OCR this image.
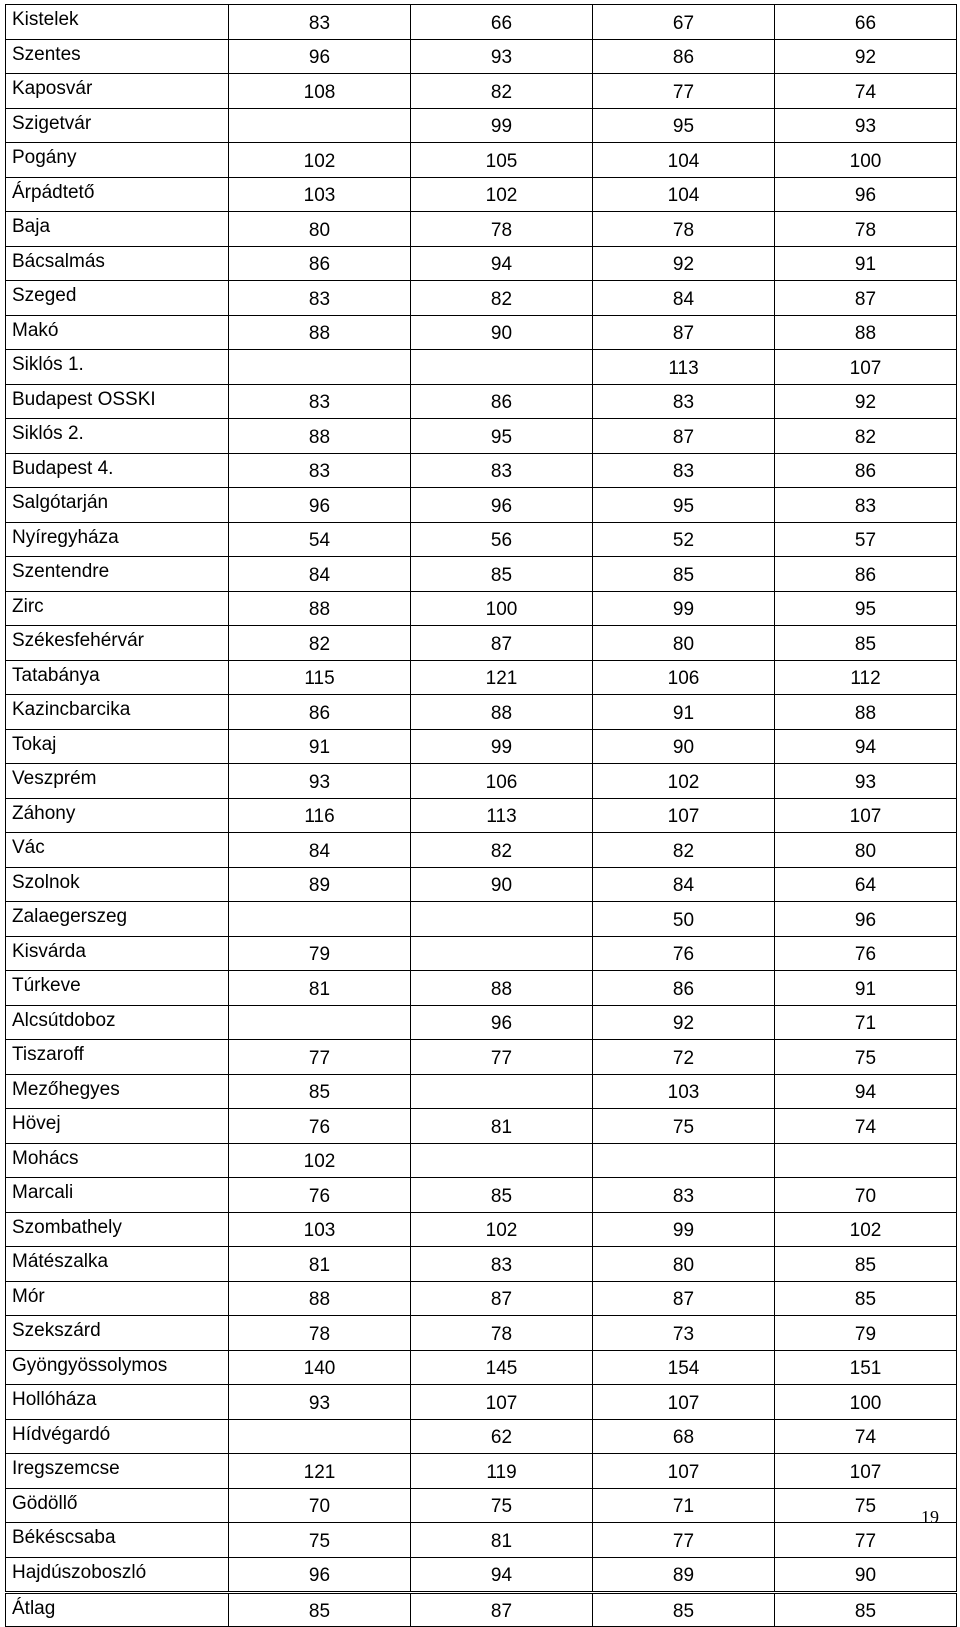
Kistelek	83	66	67	66
Szentes	96	93	86	92
Kaposvár	108	82	77	74
Szigetvár		99	95	93
Pogány	102	105	104	100
Árpádtető	103	102	104	96
Baja	80	78	78	78
Bácsalmás	86	94	92	91
Szeged	83	82	84	87
Makó	88	90	87	88
Siklós 1.			113	107
Budapest OSSKI	83	86	83	92
Siklós 2.	88	95	87	82
Budapest 4.	83	83	83	86
Salgótarján	96	96	95	83
Nyíregyháza	54	56	52	57
Szentendre	84	85	85	86
Zirc	88	100	99	95
Székesfehérvár	82	87	80	85
Tatabánya	115	121	106	112
Kazincbarcika	86	88	91	88
Tokaj	91	99	90	94
Veszprém	93	106	102	93
Záhony	116	113	107	107
Vác	84	82	82	80
Szolnok	89	90	84	64
Zalaegerszeg			50	96
Kisvárda	79		76	76
Túrkeve	81	88	86	91
Alcsútdoboz		96	92	71
Tiszaroff	77	77	72	75
Mezőhegyes	85		103	94
Hövej	76	81	75	74
Mohács	102			
Marcali	76	85	83	70
Szombathely	103	102	99	102
Mátészalka	81	83	80	85
Mór	88	87	87	85
Szekszárd	78	78	73	79
Gyöngyössolymos	140	145	154	151
Hollóháza	93	107	107	100
Hídvégardó		62	68	74
Iregszemcse	121	119	107	107
Gödöllő	70	75	71	75
Békéscsaba	75	81	77	77
Hajdúszoboszló	96	94	89	90
Átlag	85	87	85	85
19
